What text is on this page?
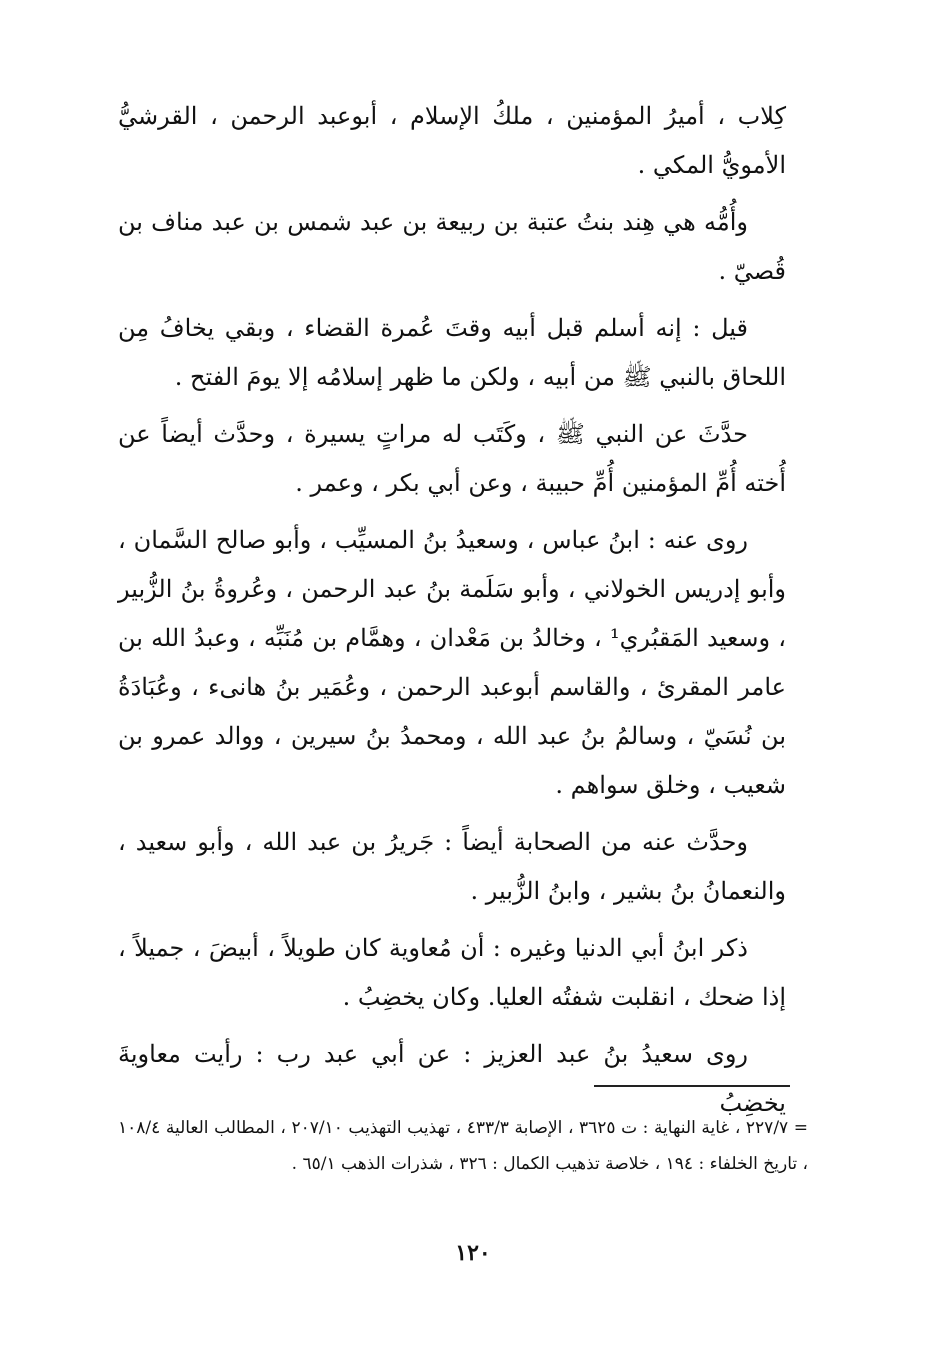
كِلاب ، أميرُ المؤمنين ، ملكُ الإسلام ، أبوعبد الرحمن ، القرشيُّ الأمويُّ المكي .

وأُمُّه هي هِند بنتُ عتبة بن ربيعة بن عبد شمس بن عبد مناف بن قُصيّ .

قيل : إنه أسلم قبل أبيه وقتَ عُمرة القضاء ، وبقي يخافُ مِن اللحاق بالنبي ﷺ من أبيه ، ولكن ما ظهر إسلامُه إلا يومَ الفتح .

حدَّثَ عن النبي ﷺ ، وكَتَب له مراتٍ يسيرة ، وحدَّث أيضاً عن أُخته أُمِّ المؤمنين أُمِّ حبيبة ، وعن أبي بكر ، وعمر .

روى عنه : ابنُ عباس ، وسعيدُ بنُ المسيِّب ، وأبو صالح السَّمان ، وأبو إدريس الخولاني ، وأبو سَلَمة بنُ عبد الرحمن ، وعُروةُ بنُ الزُّبير ، وسعيد المَقبُري¹ ، وخالدُ بن مَعْدان ، وهمَّام بن مُنَبِّه ، وعبدُ الله بن عامر المقرئ ، والقاسم أبوعبد الرحمن ، وعُمَير بنُ هانىء ، وعُبَادَةُ بن نُسَيّ ، وسالمُ بنُ عبد الله ، ومحمدُ بنُ سيرين ، ووالد عمرو بن شعيب ، وخلق سواهم .

وحدَّث عنه من الصحابة أيضاً : جَريرُ بن عبد الله ، وأبو سعيد ، والنعمانُ بنُ بشير ، وابنُ الزُّبير .

ذكر ابنُ أبي الدنيا وغيره : أن مُعاوية كان طويلاً ، أبيضَ ، جميلاً ، إذا ضحك ، انقلبت شفتُه العليا. وكان يخضِبُ .

روى سعيدُ بنُ عبد العزيز : عن أبي عبد رب : رأيت معاويةَ يخضِبُ

= ٢٢٧/٧ ، غاية النهاية : ت ٣٦٢٥ ، الإصابة ٤٣٣/٣ ، تهذيب التهذيب ٢٠٧/١٠ ، المطالب العالية ١٠٨/٤ ، تاريخ الخلفاء : ١٩٤ ، خلاصة تذهيب الكمال : ٣٢٦ ، شذرات الذهب ٦٥/١ .
١٢٠
